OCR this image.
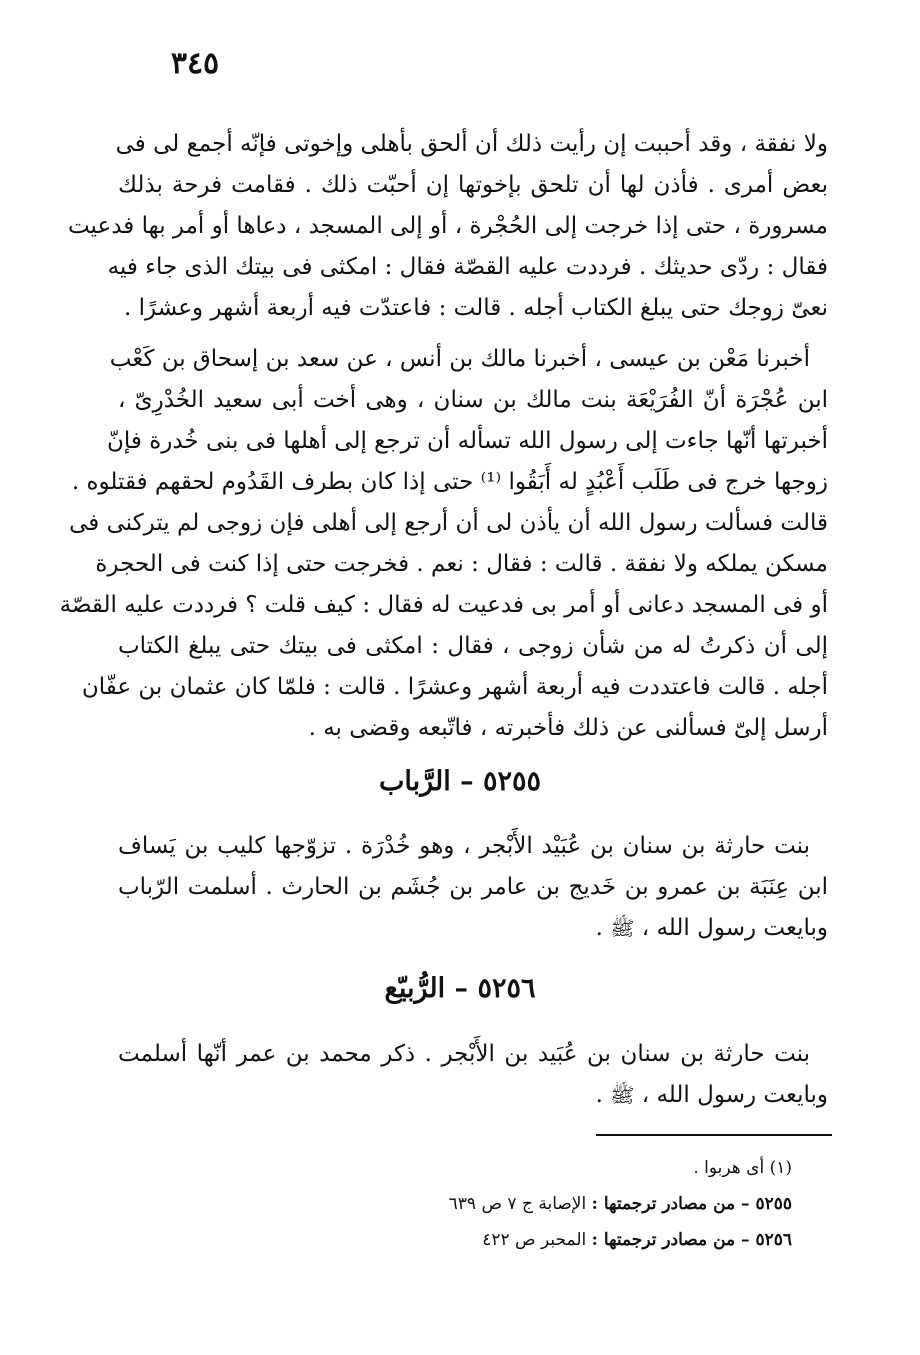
٣٤٥
ولا نفقة ، وقد أحببت إن رأيت ذلك أن ألحق بأهلى وإخوتى فإنّه أجمع لى فى
بعض أمرى . فأذن لها أن تلحق بإخوتها إن أحبّت ذلك . فقامت فرحة بذلك
مسرورة ، حتى إذا خرجت إلى الحُجْرة ، أو إلى المسجد ، دعاها أو أمر بها فدعيت
فقال : ردّى حديثك . فرددت عليه القصّة فقال : امكثى فى بيتك الذى جاء فيه
نعىّ زوجك حتى يبلغ الكتاب أجله . قالت : فاعتدّت فيه أربعة أشهر وعشرًا .
أخبرنا مَعْن بن عيسى ، أخبرنا مالك بن أنس ، عن سعد بن إسحاق بن كَعْب
ابن عُجْرَة أنّ الفُرَيْعَة بنت مالك بن سنان ، وهى أخت أبى سعيد الخُدْرِىّ ،
أخبرتها أنّها جاءت إلى رسول الله تسأله أن ترجع إلى أهلها فى بنى خُدرة فإنّ
زوجها خرج فى طَلَب أَعْبُدٍ له أَبَقُوا ⁽¹⁾ حتى إذا كان بطرف القَدُوم لحقهم فقتلوه .
قالت فسألت رسول الله أن يأذن لى أن أرجع إلى أهلى فإن زوجى لم يتركنى فى
مسكن يملكه ولا نفقة . قالت : فقال : نعم . فخرجت حتى إذا كنت فى الحجرة
أو فى المسجد دعانى أو أمر بى فدعيت له فقال : كيف قلت ؟ فرددت عليه القصّة
إلى أن ذكرتُ له من شأن زوجى ، فقال : امكثى فى بيتك حتى يبلغ الكتاب
أجله . قالت فاعتددت فيه أربعة أشهر وعشرًا . قالت : فلمّا كان عثمان بن عفّان
أرسل إلىّ فسألنى عن ذلك فأخبرته ، فاتّبعه وقضى به .
٥٢٥٥ – الرَّباب
بنت حارثة بن سنان بن عُبَيْد الأَبْجر ، وهو خُدْرَة . تزوّجها كليب بن يَساف
ابن عِنَبَة بن عمرو بن خَديج بن عامر بن جُشَم بن الحارث . أسلمت الرّباب
وبايعت رسول الله ، ﷺ .
٥٢٥٦ – الرُّبيّع
بنت حارثة بن سنان بن عُبَيد بن الأَبْجر . ذكر محمد بن عمر أنّها أسلمت
وبايعت رسول الله ، ﷺ .
(١) أى هربوا .
٥٢٥٥ – من مصادر ترجمتها : الإصابة ج ٧ ص ٦٣٩
٥٢٥٦ – من مصادر ترجمتها : المحبر ص ٤٢٢
